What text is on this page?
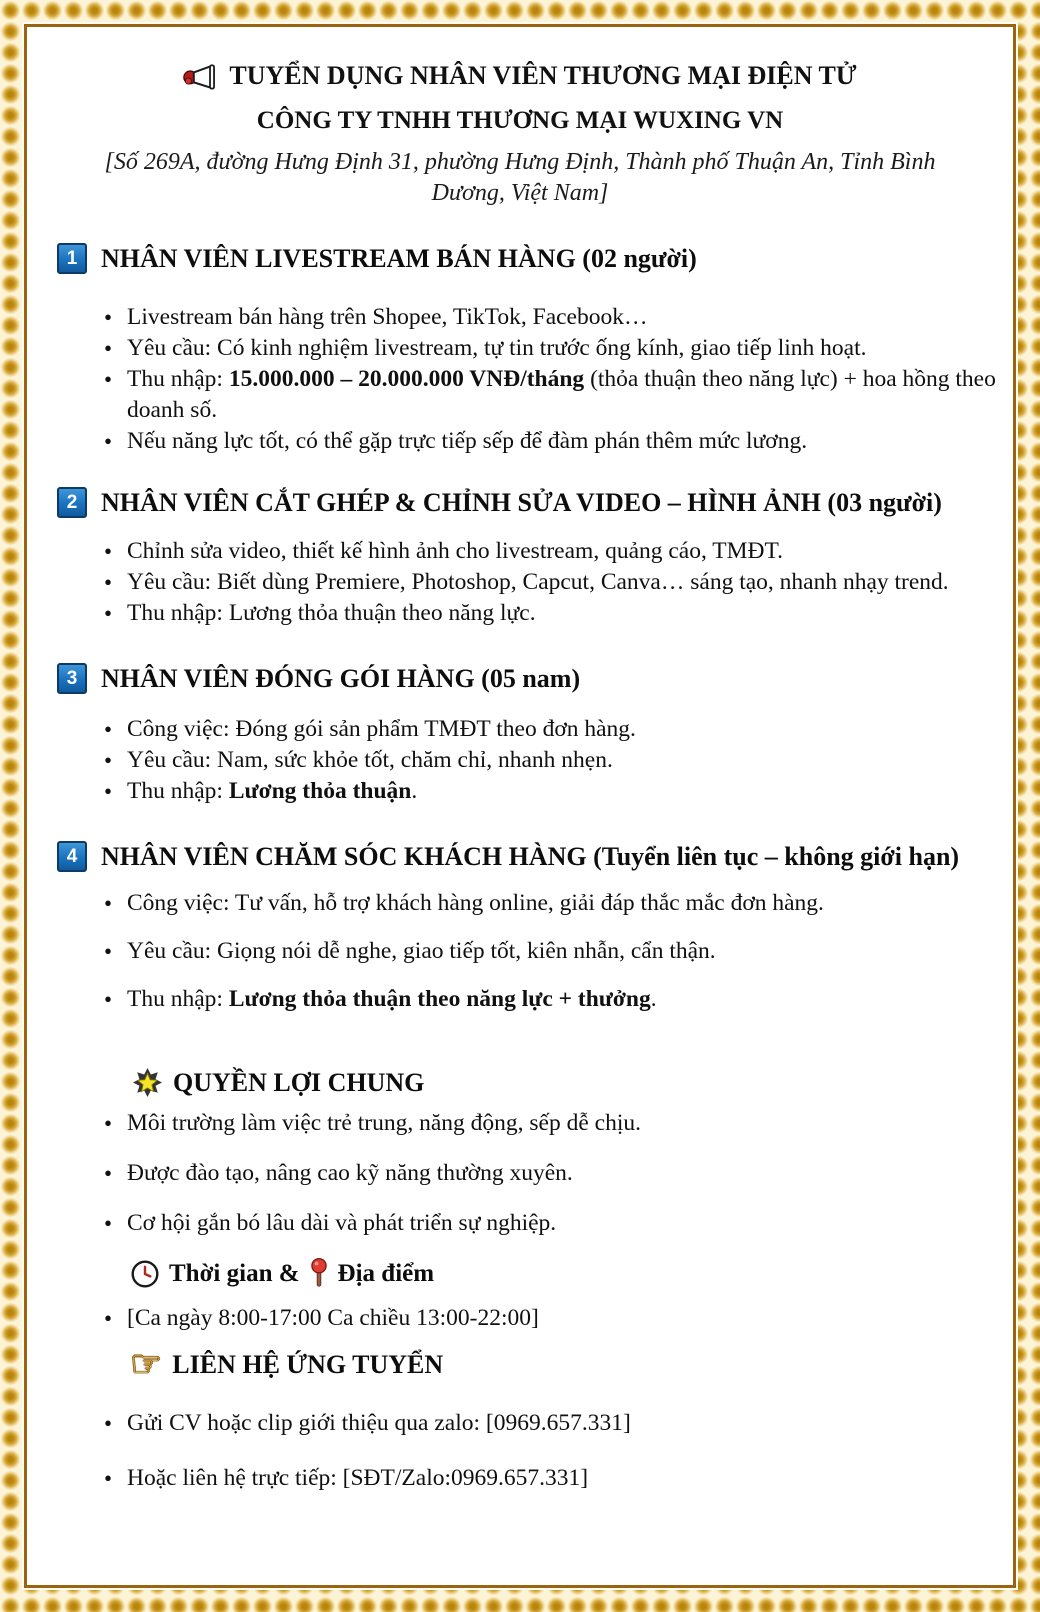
TUYỂN DỤNG NHÂN VIÊN THƯƠNG MẠI ĐIỆN TỬ
CÔNG TY TNHH THƯƠNG MẠI WUXING VN
[Số 269A, đường Hưng Định 31, phường Hưng Định, Thành phố Thuận An, Tỉnh Bình Dương, Việt Nam]
1 NHÂN VIÊN LIVESTREAM BÁN HÀNG (02 người)
• Livestream bán hàng trên Shopee, TikTok, Facebook…
• Yêu cầu: Có kinh nghiệm livestream, tự tin trước ống kính, giao tiếp linh hoạt.
• Thu nhập: 15.000.000 – 20.000.000 VNĐ/tháng (thỏa thuận theo năng lực) + hoa hồng theo doanh số.
• Nếu năng lực tốt, có thể gặp trực tiếp sếp để đàm phán thêm mức lương.
2 NHÂN VIÊN CẮT GHÉP & CHỈNH SỬA VIDEO – HÌNH ẢNH (03 người)
• Chỉnh sửa video, thiết kế hình ảnh cho livestream, quảng cáo, TMĐT.
• Yêu cầu: Biết dùng Premiere, Photoshop, Capcut, Canva… sáng tạo, nhanh nhạy trend.
• Thu nhập: Lương thỏa thuận theo năng lực.
3 NHÂN VIÊN ĐÓNG GÓI HÀNG (05 nam)
• Công việc: Đóng gói sản phẩm TMĐT theo đơn hàng.
• Yêu cầu: Nam, sức khỏe tốt, chăm chỉ, nhanh nhẹn.
• Thu nhập: Lương thỏa thuận.
4 NHÂN VIÊN CHĂM SÓC KHÁCH HÀNG (Tuyển liên tục – không giới hạn)
• Công việc: Tư vấn, hỗ trợ khách hàng online, giải đáp thắc mắc đơn hàng.
• Yêu cầu: Giọng nói dễ nghe, giao tiếp tốt, kiên nhẫn, cẩn thận.
• Thu nhập: Lương thỏa thuận theo năng lực + thưởng.
QUYỀN LỢI CHUNG
• Môi trường làm việc trẻ trung, năng động, sếp dễ chịu.
• Được đào tạo, nâng cao kỹ năng thường xuyên.
• Cơ hội gắn bó lâu dài và phát triển sự nghiệp.
Thời gian & Địa điểm
• [Ca ngày 8:00-17:00 Ca chiều 13:00-22:00]
☞ LIÊN HỆ ỨNG TUYỂN
• Gửi CV hoặc clip giới thiệu qua zalo: [0969.657.331]
• Hoặc liên hệ trực tiếp: [SĐT/Zalo:0969.657.331]
